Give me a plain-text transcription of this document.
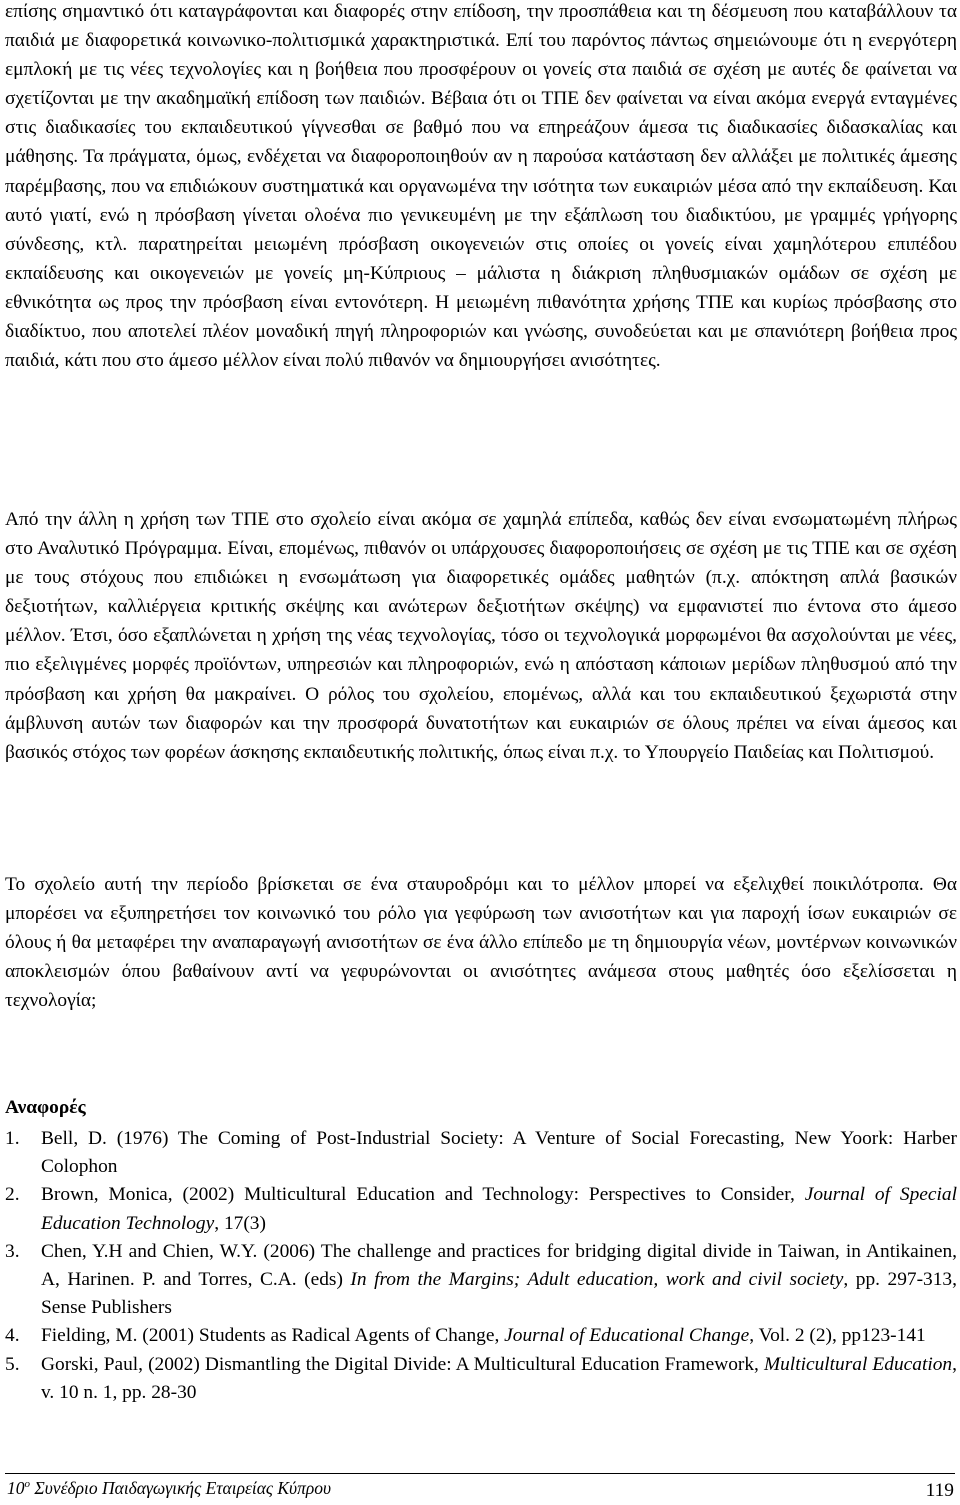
επίσης σημαντικό ότι καταγράφονται και διαφορές στην επίδοση, την προσπάθεια και τη δέσμευση που καταβάλλουν τα παιδιά με διαφορετικά κοινωνικο-πολιτισμικά χαρακτηριστικά. Επί του παρόντος πάντως σημειώνουμε ότι η ενεργότερη εμπλοκή με τις νέες τεχνολογίες και η βοήθεια που προσφέρουν οι γονείς στα παιδιά σε σχέση με αυτές δε φαίνεται να σχετίζονται με την ακαδημαϊκή επίδοση των παιδιών. Βέβαια ότι οι ΤΠΕ δεν φαίνεται να είναι ακόμα ενεργά ενταγμένες στις διαδικασίες του εκπαιδευτικού γίγνεσθαι σε βαθμό που να επηρεάζουν άμεσα τις διαδικασίες διδασκαλίας και μάθησης. Τα πράγματα, όμως, ενδέχεται να διαφοροποιηθούν αν η παρούσα κατάσταση δεν αλλάξει με πολιτικές άμεσης παρέμβασης, που να επιδιώκουν συστηματικά και οργανωμένα την ισότητα των ευκαιριών μέσα από την εκπαίδευση. Και αυτό γιατί, ενώ η πρόσβαση γίνεται ολοένα πιο γενικευμένη με την εξάπλωση του διαδικτύου, με γραμμές γρήγορης σύνδεσης, κτλ. παρατηρείται μειωμένη πρόσβαση οικογενειών στις οποίες οι γονείς είναι χαμηλότερου επιπέδου εκπαίδευσης και οικογενειών με γονείς μη-Κύπριους – μάλιστα η διάκριση πληθυσμιακών ομάδων σε σχέση με εθνικότητα ως προς την πρόσβαση είναι εντονότερη. Η μειωμένη πιθανότητα χρήσης ΤΠΕ και κυρίως πρόσβασης στο διαδίκτυο, που αποτελεί πλέον μοναδική πηγή πληροφοριών και γνώσης, συνοδεύεται και με σπανιότερη βοήθεια προς παιδιά, κάτι που στο άμεσο μέλλον είναι πολύ πιθανόν να δημιουργήσει ανισότητες.

Από την άλλη η χρήση των ΤΠΕ στο σχολείο είναι ακόμα σε χαμηλά επίπεδα, καθώς δεν είναι ενσωματωμένη πλήρως στο Αναλυτικό Πρόγραμμα. Είναι, επομένως, πιθανόν οι υπάρχουσες διαφοροποιήσεις σε σχέση με τις ΤΠΕ και σε σχέση με τους στόχους που επιδιώκει η ενσωμάτωση για διαφορετικές ομάδες μαθητών (π.χ. απόκτηση απλά βασικών δεξιοτήτων, καλλιέργεια κριτικής σκέψης και ανώτερων δεξιοτήτων σκέψης) να εμφανιστεί πιο έντονα στο άμεσο μέλλον. Έτσι, όσο εξαπλώνεται η χρήση της νέας τεχνολογίας, τόσο οι τεχνολογικά μορφωμένοι θα ασχολούνται με νέες, πιο εξελιγμένες μορφές προϊόντων, υπηρεσιών και πληροφοριών, ενώ η απόσταση κάποιων μερίδων πληθυσμού από την πρόσβαση και χρήση θα μακραίνει. Ο ρόλος του σχολείου, επομένως, αλλά και του εκπαιδευτικού ξεχωριστά στην άμβλυνση αυτών των διαφορών και την προσφορά δυνατοτήτων και ευκαιριών σε όλους πρέπει να είναι άμεσος και βασικός στόχος των φορέων άσκησης εκπαιδευτικής πολιτικής, όπως είναι π.χ. το Υπουργείο Παιδείας και Πολιτισμού.

Το σχολείο αυτή την περίοδο βρίσκεται σε ένα σταυροδρόμι και το μέλλον μπορεί να εξελιχθεί ποικιλότροπα. Θα μπορέσει να εξυπηρετήσει τον κοινωνικό του ρόλο για γεφύρωση των ανισοτήτων και για παροχή ίσων ευκαιριών σε όλους ή θα μεταφέρει την αναπαραγωγή ανισοτήτων σε ένα άλλο επίπεδο με τη δημιουργία νέων, μοντέρνων κοινωνικών αποκλεισμών όπου βαθαίνουν αντί να γεφυρώνονται οι ανισότητες ανάμεσα στους μαθητές όσο εξελίσσεται η τεχνολογία;

Αναφορές
1. Bell, D. (1976) The Coming of Post-Industrial Society: A Venture of Social Forecasting, New Yoork: Harber Colophon
2. Brown, Monica, (2002) Multicultural Education and Technology: Perspectives to Consider, Journal of Special Education Technology, 17(3)
3. Chen, Y.H and Chien, W.Y. (2006) The challenge and practices for bridging digital divide in Taiwan, in Antikainen, A, Harinen. P. and Torres, C.A. (eds) In from the Margins; Adult education, work and civil society, pp. 297-313, Sense Publishers
4. Fielding, M. (2001) Students as Radical Agents of Change, Journal of Educational Change, Vol. 2 (2), pp123-141
5. Gorski, Paul, (2002) Dismantling the Digital Divide: A Multicultural Education Framework, Multicultural Education, v. 10 n. 1, pp. 28-30
$10^o$ Συνέδριο Παιδαγωγικής Εταιρείας Κύπρου	119
